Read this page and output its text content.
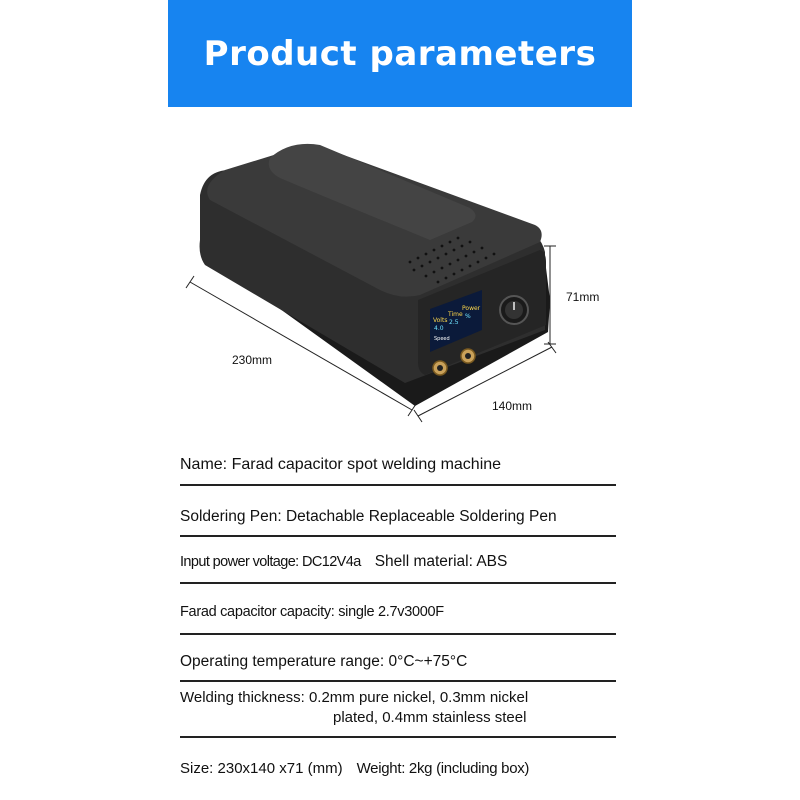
Product parameters
Volts
Time
Power
4.0
2.5
%
Speed
230mm
140mm
71mm
Name: Farad capacitor spot welding machine
Soldering Pen: Detachable Replaceable Soldering Pen
Input power voltage: DC12V4a Shell material: ABS
Farad capacitor capacity: single 2.7v3000F
Operating temperature range: 0°C~+75°C
Welding thickness: 0.2mm pure nickel, 0.3mm nickel
plated, 0.4mm stainless steel
Size: 230x140 x71 (mm) Weight: 2kg (including box)
